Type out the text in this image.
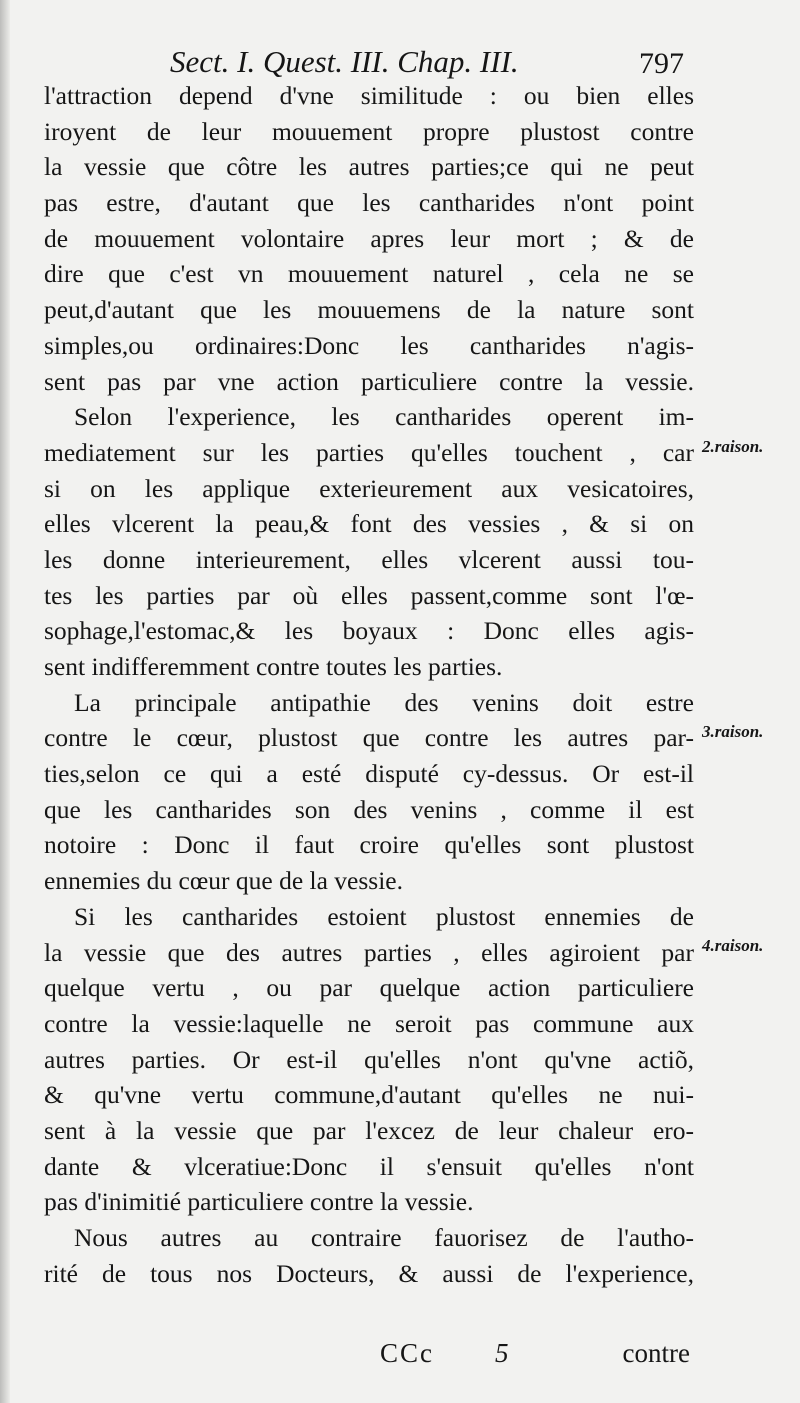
Sect. I. Quest. III. Chap. III.	797
l'attraction depend d'vne similitude : ou bien elles
iroyent de leur mouuement propre plustost contre
la vessie que côtre les autres parties;ce qui ne peut
pas estre, d'autant que les cantharides n'ont point
de mouuement volontaire apres leur mort ; & de
dire que c'est vn mouuement naturel , cela ne se
peut,d'autant que les mouuemens de la nature sont
simples,ou ordinaires:Donc les cantharides n'agis-
sent pas par vne action particuliere contre la vessie.
Selon l'experience, les cantharides operent im-
mediatement sur les parties qu'elles touchent , car
si on les applique exterieurement aux vesicatoires,
elles vlcerent la peau,& font des vessies , & si on
les donne interieurement, elles vlcerent aussi tou-
tes les parties par où elles passent,comme sont l'œ-
sophage,l'estomac,& les boyaux : Donc elles agis-
sent indifferemment contre toutes les parties.
La principale antipathie des venins doit estre
contre le cœur, plustost que contre les autres par-
ties,selon ce qui a esté disputé cy-dessus. Or est-il
que les cantharides son des venins , comme il est
notoire : Donc il faut croire qu'elles sont plustost
ennemies du cœur que de la vessie.
Si les cantharides estoient plustost ennemies de
la vessie que des autres parties , elles agiroient par
quelque vertu , ou par quelque action particuliere
contre la vessie:laquelle ne seroit pas commune aux
autres parties. Or est-il qu'elles n'ont qu'vne actiõ,
& qu'vne vertu commune,d'autant qu'elles ne nui-
sent à la vessie que par l'excez de leur chaleur ero-
dante & vlceratiue:Donc il s'ensuit qu'elles n'ont
pas d'inimitié particuliere contre la vessie.
Nous autres au contraire fauorisez de l'autho-
rité de tous nos Docteurs, & aussi de l'experience,
2.raison.
3.raison.
4.raison.
CCc 5	contre
